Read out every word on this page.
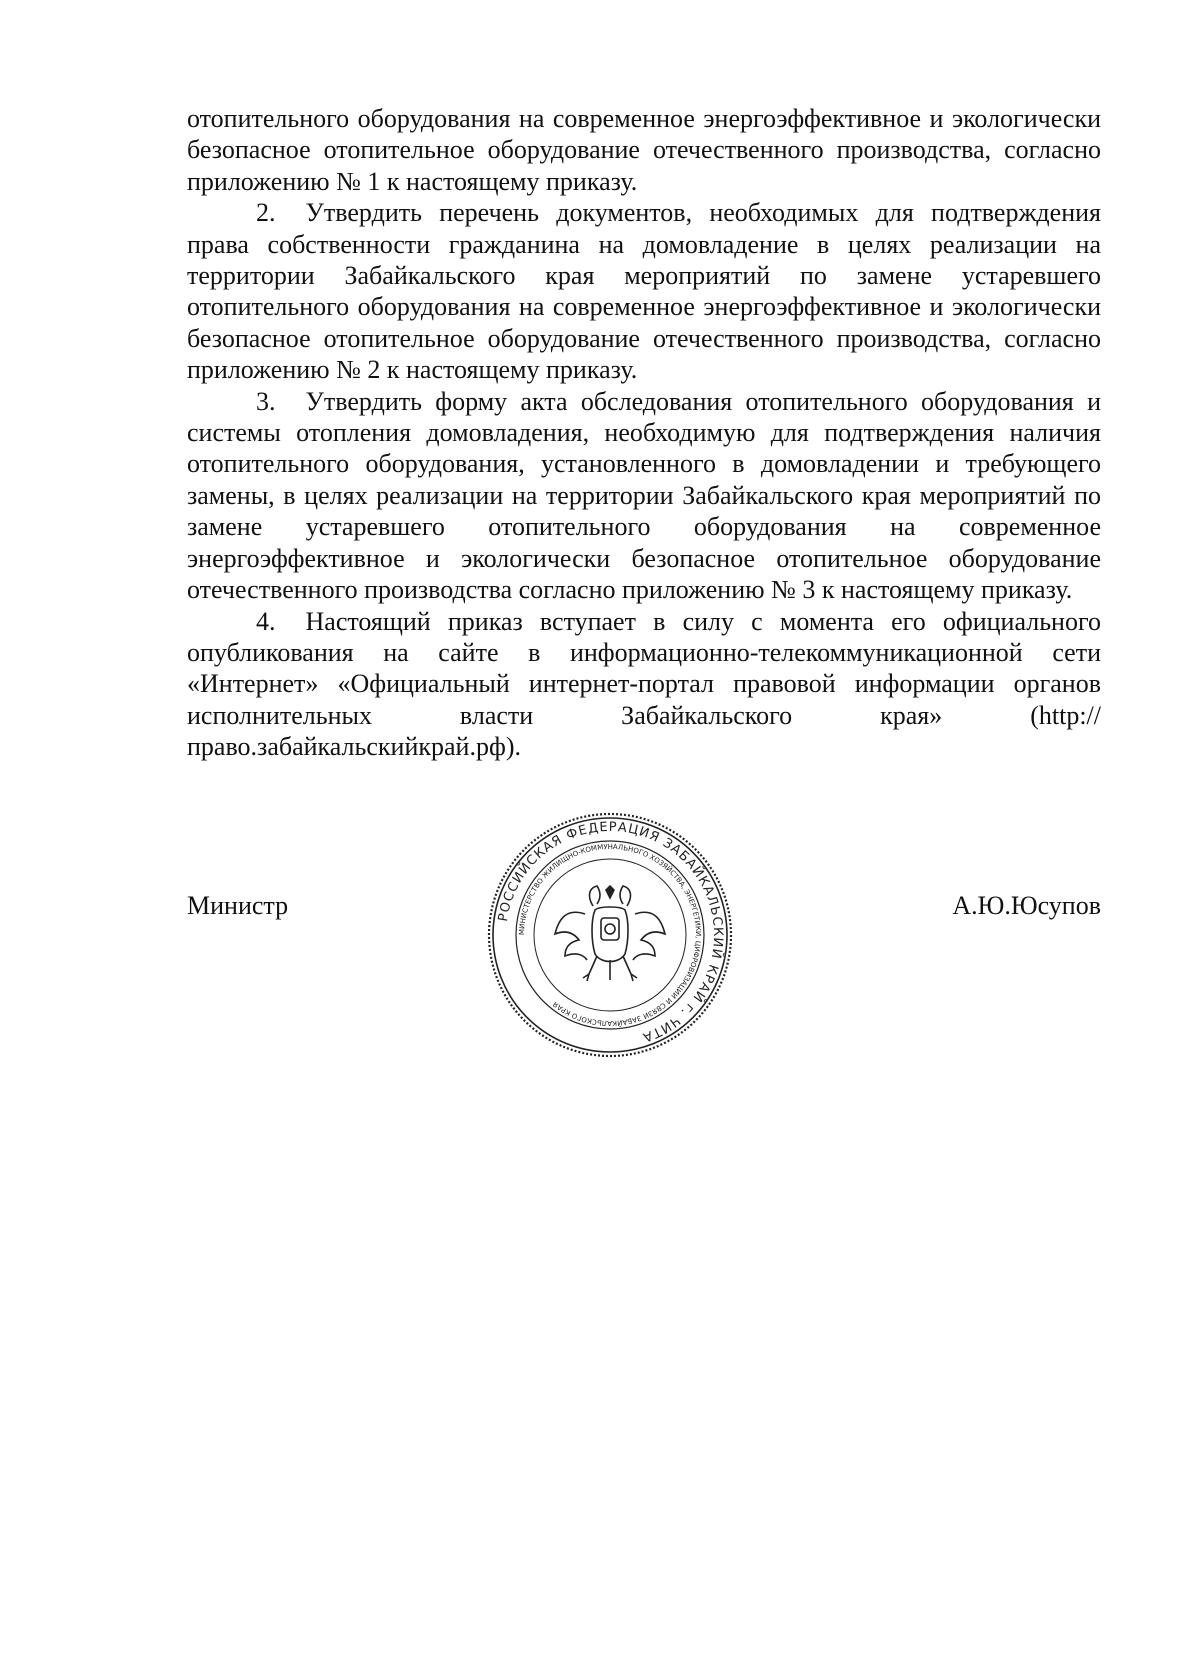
отопительного оборудования на современное энергоэффективное и экологически безопасное отопительное оборудование отечественного производства, согласно приложению № 1 к настоящему приказу.

2. Утвердить перечень документов, необходимых для подтверждения права собственности гражданина на домовладение в целях реализации на территории Забайкальского края мероприятий по замене устаревшего отопительного оборудования на современное энергоэффективное и экологически безопасное отопительное оборудование отечественного производства, согласно приложению № 2 к настоящему приказу.

3. Утвердить форму акта обследования отопительного оборудования и системы отопления домовладения, необходимую для подтверждения наличия отопительного оборудования, установленного в домовладении и требующего замены, в целях реализации на территории Забайкальского края мероприятий по замене устаревшего отопительного оборудования на современное энергоэффективное и экологически безопасное отопительное оборудование отечественного производства согласно приложению № 3 к настоящему приказу.

4. Настоящий приказ вступает в силу с момента его официального опубликования на сайте в информационно-телекоммуникационной сети «Интернет» «Официальный интернет-портал правовой информации органов исполнительных власти Забайкальского края» (http://право.забайкальскийкрай.рф).

Министр	А.Ю.Юсупов
РОССИЙСКАЯ ФЕДЕРАЦИЯ ЗАБАЙКАЛЬСКИЙ КРАЙ г. ЧИТА
МИНИСТЕРСТВО ЖИЛИЩНО-КОММУНАЛЬНОГО ХОЗЯЙСТВА, ЭНЕРГЕТИКИ, ЦИФРОВИЗАЦИИ И СВЯЗИ ЗАБАЙКАЛЬСКОГО КРАЯ
